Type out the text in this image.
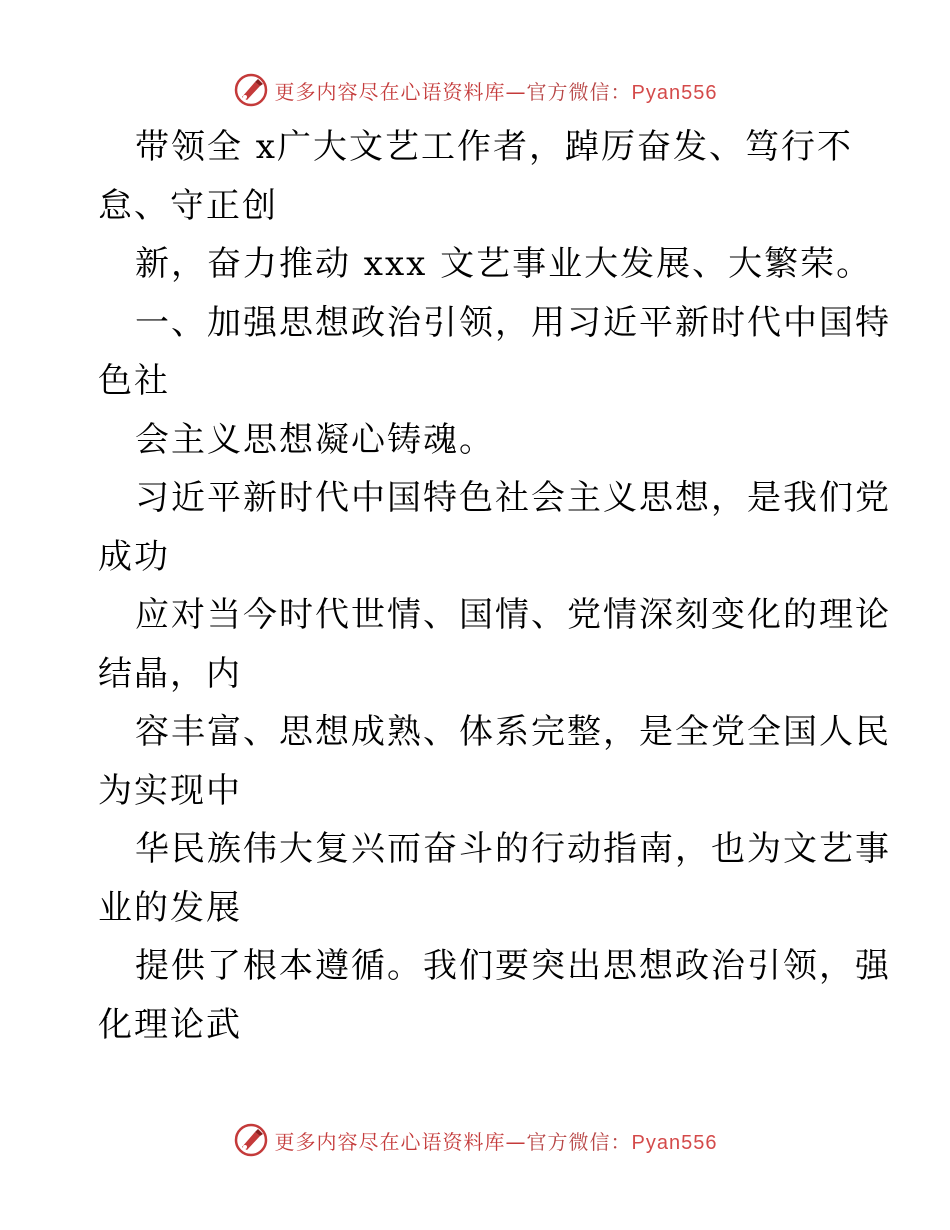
更多内容尽在心语资料库—官方微信：Pyan556
带领全 x广大文艺工作者，踔厉奋发、笃行不
怠、守正创
新，奋力推动 xxx 文艺事业大发展、大繁荣。
一、加强思想政治引领，用习近平新时代中国特
色社
会主义思想凝心铸魂。
习近平新时代中国特色社会主义思想，是我们党
成功
应对当今时代世情、国情、党情深刻变化的理论
结晶，内
容丰富、思想成熟、体系完整，是全党全国人民
为实现中
华民族伟大复兴而奋斗的行动指南，也为文艺事
业的发展
提供了根本遵循。我们要突出思想政治引领，强
化理论武
更多内容尽在心语资料库—官方微信：Pyan556
